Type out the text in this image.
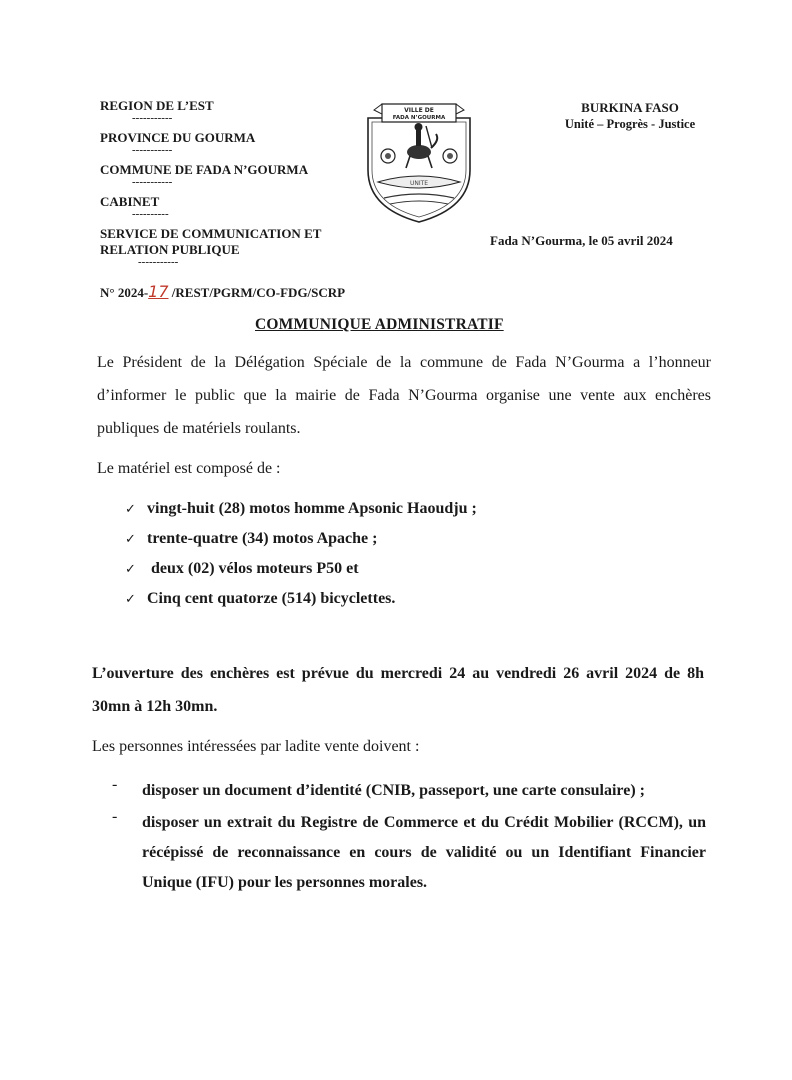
REGION DE L’EST
-----------
PROVINCE DU GOURMA
-----------
COMMUNE DE FADA N’GOURMA
-----------
CABINET
----------
SERVICE DE COMMUNICATION ET
RELATION PUBLIQUE
-----------
N° 2024-17 /REST/PGRM/CO-FDG/SCRP
VILLE DE
FADA N’GOURMA
UNITE
BURKINA FASO
Unité – Progrès - Justice
Fada N’Gourma, le 05 avril 2024
COMMUNIQUE ADMINISTRATIF
Le Président de la Délégation Spéciale de la commune de Fada N’Gourma a l’honneur d’informer le public que la mairie de Fada N’Gourma organise une vente aux enchères publiques de matériels roulants.
Le matériel est composé de :
✓ vingt-huit (28) motos homme Apsonic Haoudju ;
✓ trente-quatre (34) motos Apache ;
✓ deux (02) vélos moteurs P50 et
✓ Cinq cent quatorze (514) bicyclettes.
L’ouverture des enchères est prévue du mercredi 24 au vendredi 26 avril 2024 de 8h 30mn à 12h 30mn.
Les personnes intéressées par ladite vente doivent :
-	disposer un document d’identité (CNIB, passeport, une carte consulaire) ;
-	disposer un extrait du Registre de Commerce et du Crédit Mobilier (RCCM), un récépissé de reconnaissance en cours de validité ou un Identifiant Financier Unique (IFU) pour les personnes morales.
